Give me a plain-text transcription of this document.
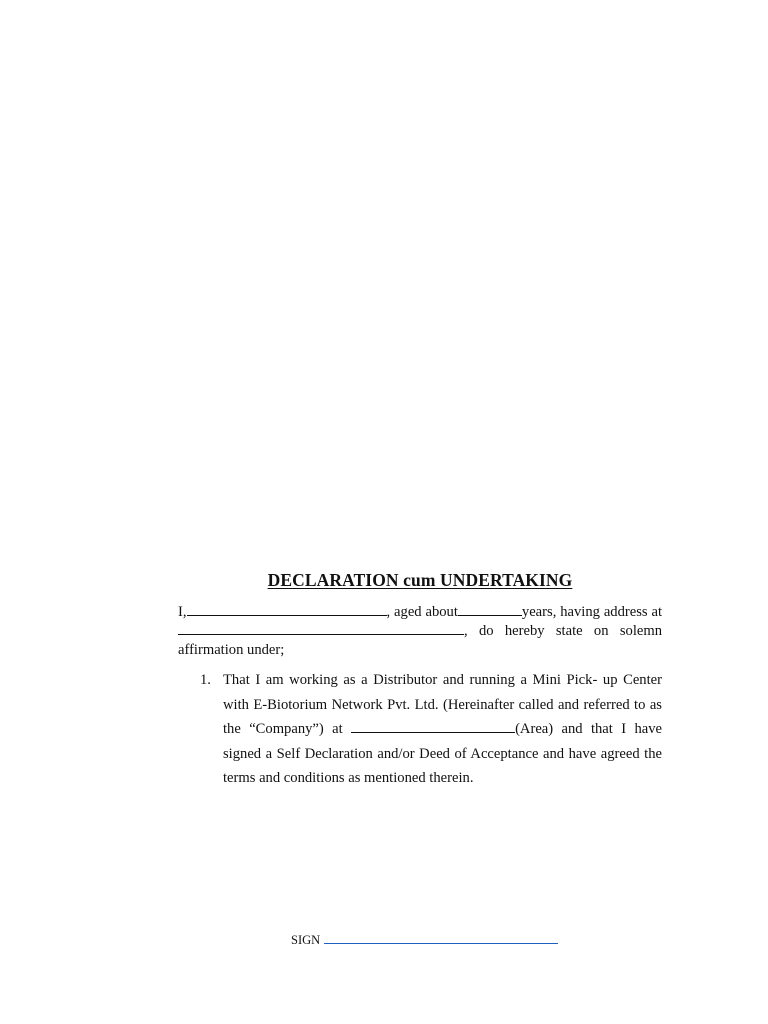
DECLARATION cum UNDERTAKING

I,	, aged about	years, having address at, do hereby state on solemn affirmation under;

1. That I am working as a Distributor and running a Mini Pick- up Center with E-Biotorium Network Pvt. Ltd. (Hereinafter called and referred to as the “Company”) at	(Area) and that I have signed a Self Declaration and/or Deed of Acceptance and have agreed the terms and conditions as mentioned therein.
SIGN
